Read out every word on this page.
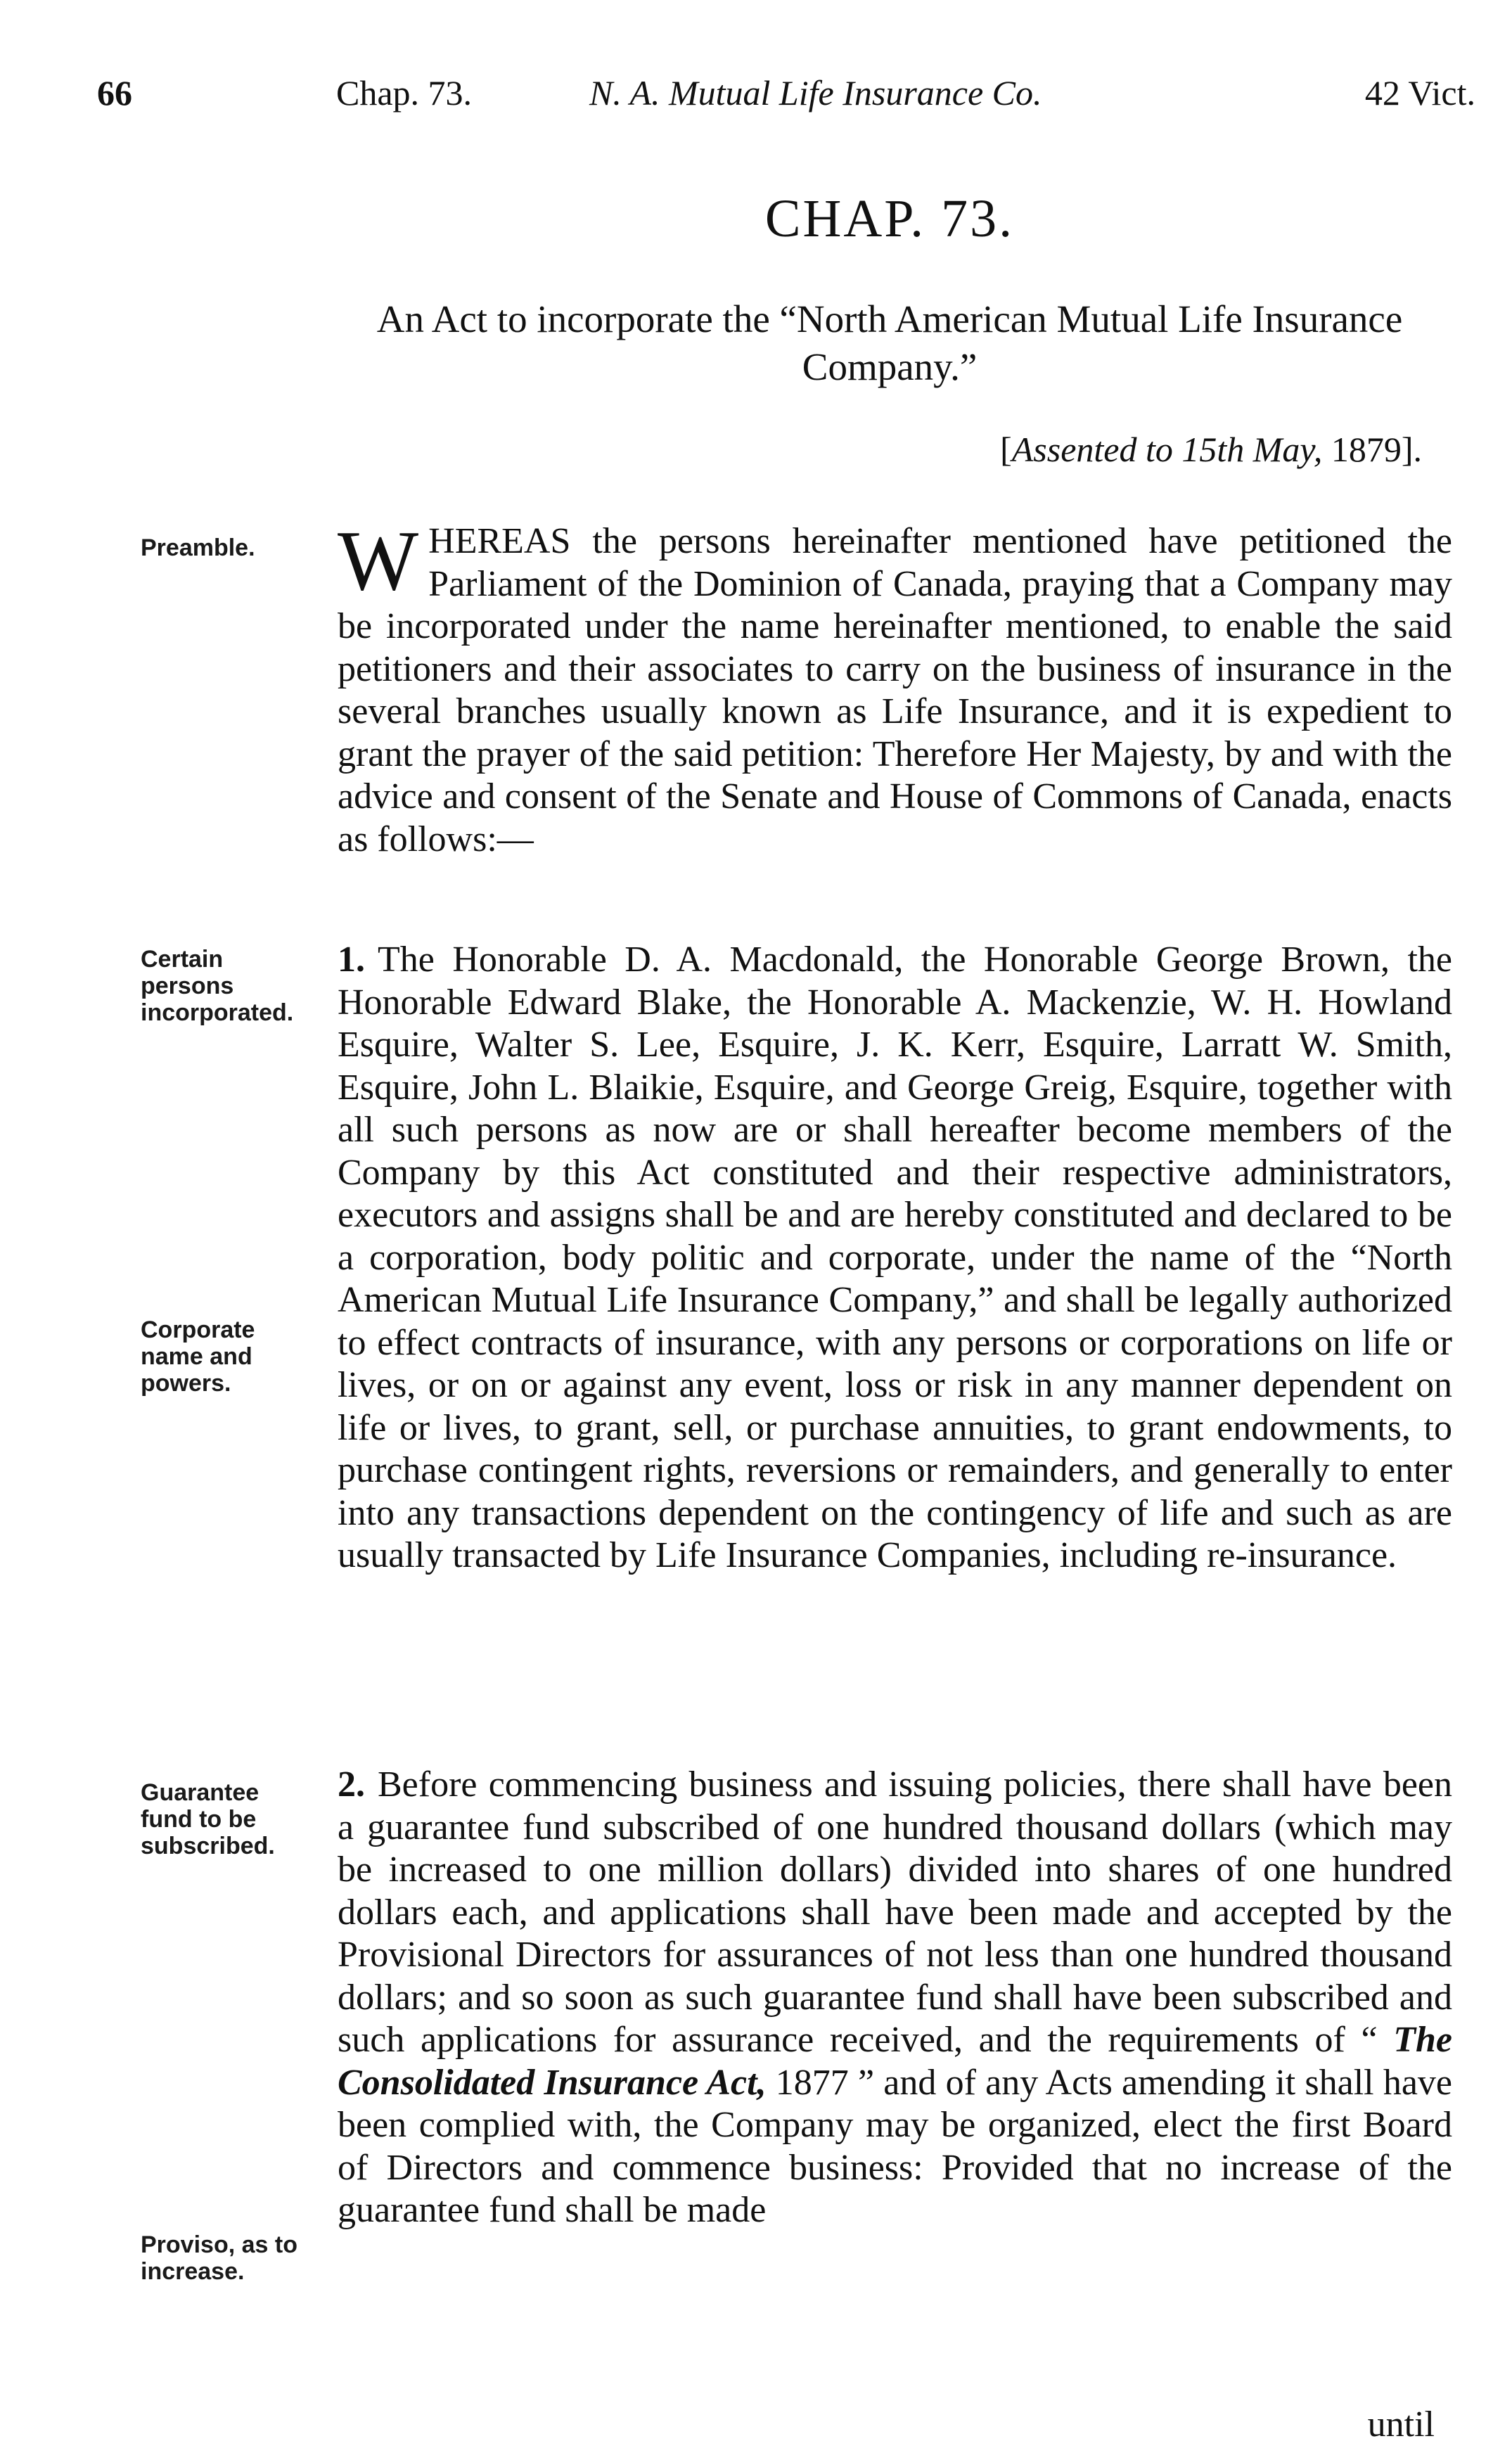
66	Chap. 73.	N. A. Mutual Life Insurance Co.	42 Vict.
CHAP. 73.
An Act to incorporate the “North American Mutual Life Insurance Company.”
[Assented to 15th May, 1879].
Preamble.
Certain persons incorporated.
Corporate name and powers.
Guarantee fund to be subscribed.
Proviso, as to increase.

WHEREAS the persons hereinafter mentioned have petitioned the Parliament of the Dominion of Canada, praying that a Company may be incorporated under the name hereinafter mentioned, to enable the said petitioners and their associates to carry on the business of insurance in the several branches usually known as Life Insurance, and it is expedient to grant the prayer of the said petition: Therefore Her Majesty, by and with the advice and consent of the Senate and House of Commons of Canada, enacts as follows:—

1. The Honorable D. A. Macdonald, the Honorable George Brown, the Honorable Edward Blake, the Honorable A. Mackenzie, W. H. Howland Esquire, Walter S. Lee, Esquire, J. K. Kerr, Esquire, Larratt W. Smith, Esquire, John L. Blaikie, Esquire, and George Greig, Esquire, together with all such persons as now are or shall hereafter become members of the Company by this Act constituted and their respective administrators, executors and assigns shall be and are hereby constituted and declared to be a corporation, body politic and corporate, under the name of the “North American Mutual Life Insurance Company,” and shall be legally authorized to effect contracts of insurance, with any persons or corporations on life or lives, or on or against any event, loss or risk in any manner dependent on life or lives, to grant, sell, or purchase annuities, to grant endowments, to purchase contingent rights, reversions or remainders, and generally to enter into any transactions dependent on the contingency of life and such as are usually transacted by Life Insurance Companies, including re-insurance.

2. Before commencing business and issuing policies, there shall have been a guarantee fund subscribed of one hundred thousand dollars (which may be increased to one million dollars) divided into shares of one hundred dollars each, and applications shall have been made and accepted by the Provisional Directors for assurances of not less than one hundred thousand dollars; and so soon as such guarantee fund shall have been subscribed and such applications for assurance received, and the requirements of “ The Consolidated Insurance Act, 1877 ” and of any Acts amending it shall have been complied with, the Company may be organized, elect the first Board of Directors and commence business: Provided that no increase of the guarantee fund shall be made

until
